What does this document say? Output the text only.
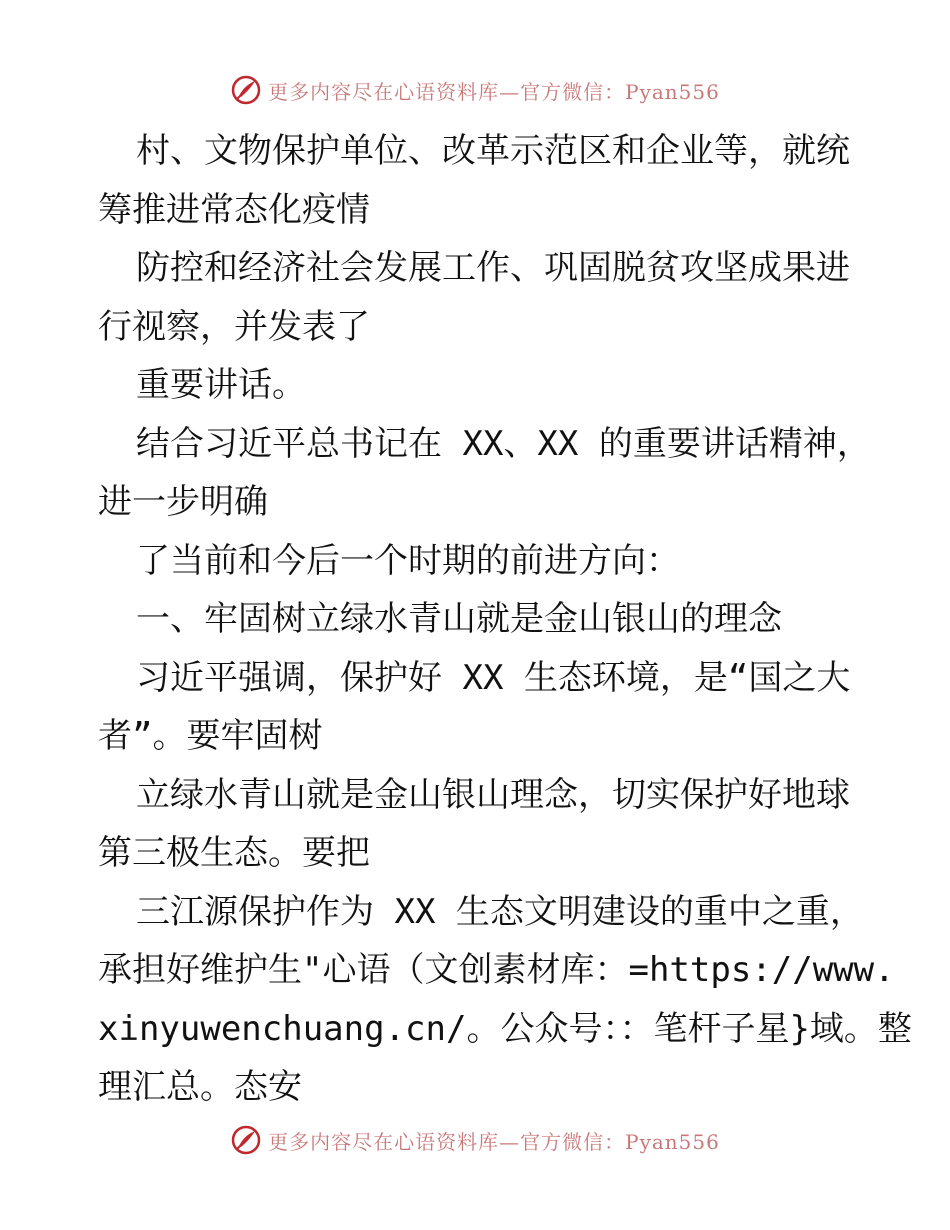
更多内容尽在心语资料库—官方微信：Pyan556
村、文物保护单位、改革示范区和企业等，就统
筹推进常态化疫情
防控和经济社会发展工作、巩固脱贫攻坚成果进
行视察，并发表了
重要讲话。
结合习近平总书记在 XX、XX 的重要讲话精神，
进一步明确
了当前和今后一个时期的前进方向：
一、牢固树立绿水青山就是金山银山的理念
习近平强调，保护好 XX 生态环境，是“国之大
者”。要牢固树
立绿水青山就是金山银山理念，切实保护好地球
第三极生态。要把
三江源保护作为 XX 生态文明建设的重中之重，
承担好维护生"心语（文创素材库：=https://www.
xinyuwenchuang.cn/。公众号：：笔杆子星}域。整
理汇总。态安
更多内容尽在心语资料库—官方微信：Pyan556
